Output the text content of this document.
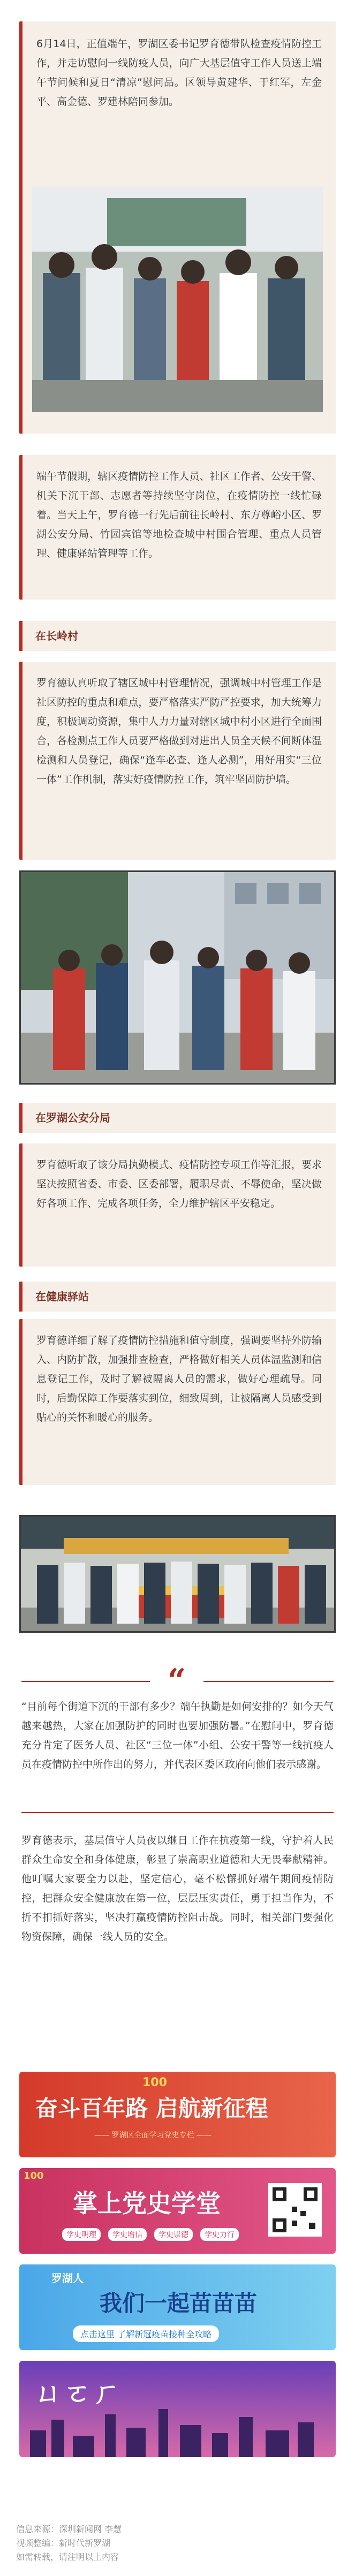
6月14日，正值端午，罗湖区委书记罗育德带队检查疫情防控工作，并走访慰问一线防疫人员，向广大基层值守工作人员送上端午节问候和夏日“清凉”慰问品。区领导黄建华、于红军，左金平、高金德、罗建林陪同参加。

端午节假期，辖区疫情防控工作人员、社区工作者、公安干警、机关下沉干部、志愿者等持续坚守岗位，在疫情防控一线忙碌着。当天上午，罗育德一行先后前往长岭村、东方尊峪小区、罗湖公安分局、竹园宾馆等地检查城中村围合管理、重点人员管理、健康驿站管理等工作。

在长岭村

罗育德认真听取了辖区城中村管理情况，强调城中村管理工作是社区防控的重点和难点，要严格落实严防严控要求，加大统筹力度，积极调动资源，集中人力力量对辖区城中村小区进行全面围合，各检测点工作人员要严格做到对进出人员全天候不间断体温检测和人员登记，确保“逢车必查、逢人必测”，用好用实“三位一体”工作机制，落实好疫情防控工作，筑牢坚固防护墙。

在罗湖公安分局

罗育德听取了该分局执勤模式、疫情防控专项工作等汇报，要求坚决按照省委、市委、区委部署，履职尽责、不辱使命，坚决做好各项工作、完成各项任务，全力维护辖区平安稳定。

在健康驿站

罗育德详细了解了疫情防控措施和值守制度，强调要坚持外防输入、内防扩散，加强排查检查，严格做好相关人员体温监测和信息登记工作，及时了解被隔离人员的需求，做好心理疏导。同时，后勤保障工作要落实到位，细致周到，让被隔离人员感受到贴心的关怀和暖心的服务。

“
“目前每个街道下沉的干部有多少？端午执勤是如何安排的？如今天气越来越热，大家在加强防护的同时也要加强防暑。”在慰问中，罗育德充分肯定了医务人员、社区“三位一体”小组、公安干警等一线抗疫人员在疫情防控中所作出的努力，并代表区委区政府向他们表示感谢。
罗育德表示，基层值守人员夜以继日工作在抗疫第一线，守护着人民群众生命安全和身体健康，彰显了崇高职业道德和大无畏奉献精神。他叮嘱大家要全力以赴，坚定信心，毫不松懈抓好端午期间疫情防控，把群众安全健康放在第一位，层层压实责任，勇于担当作为，不折不扣抓好落实，坚决打赢疫情防控阻击战。同时，相关部门要强化物资保障，确保一线人员的安全。
奋斗百年路 启航新征程
—— 罗湖区全面学习党史专栏 ——
100
100
掌上党史学堂
学史明理	学史增信	学史崇德	学史力行
罗湖人
我们一起苗苗苗
点击这里 了解新冠疫苗接种全攻略
ㄩㄛㄏ
信息来源：深圳新闻网 李慧
视频整编：新时代新罗湖
如需转载，请注明以上内容
